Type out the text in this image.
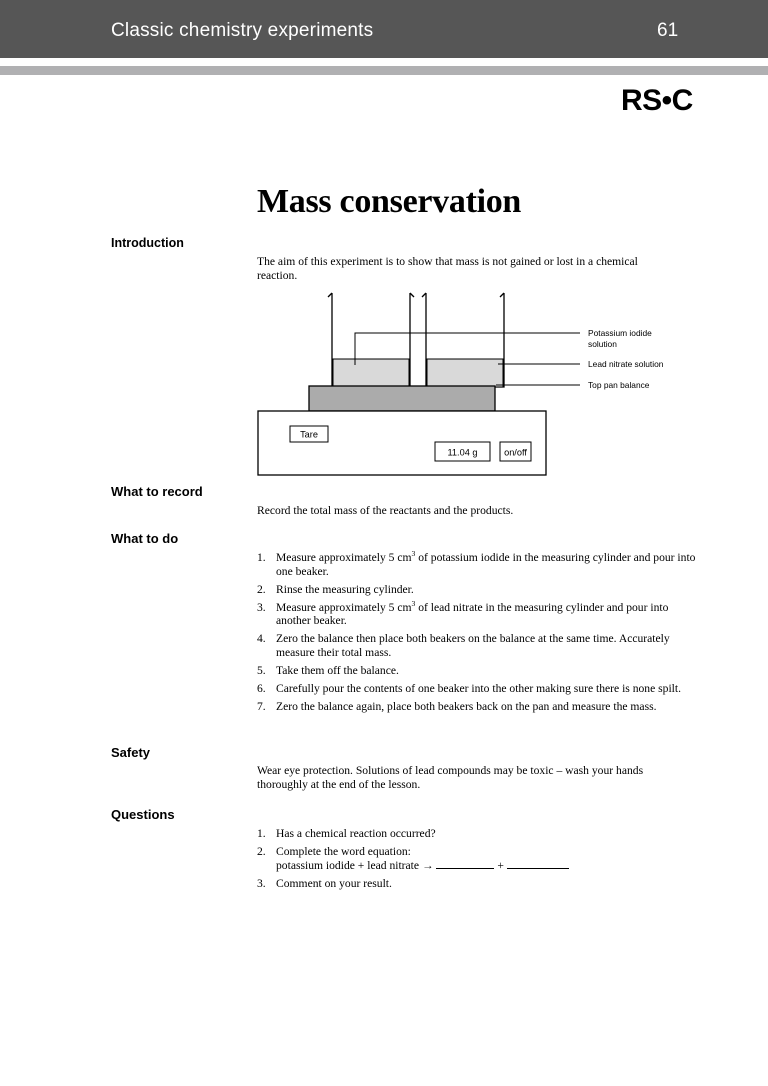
Classic chemistry experiments	61
RS•C
Mass conservation
Introduction
The aim of this experiment is to show that mass is not gained or lost in a chemical reaction.
Tare
11.04 g	on/off
Potassium iodide
solution
Lead nitrate solution
Top pan balance
What to record
Record the total mass of the reactants and the products.
What to do
1. Measure approximately 5 $cm^3$ of potassium iodide in the measuring cylinder and pour into one beaker.
2. Rinse the measuring cylinder.
3. Measure approximately 5 $cm^3$ of lead nitrate in the measuring cylinder and pour into another beaker.
4. Zero the balance then place both beakers on the balance at the same time. Accurately measure their total mass.
5. Take them off the balance.
6. Carefully pour the contents of one beaker into the other making sure there is none spilt.
7. Zero the balance again, place both beakers back on the pan and measure the mass.
Safety
Wear eye protection. Solutions of lead compounds may be toxic – wash your hands thoroughly at the end of the lesson.
Questions
1. Has a chemical reaction occurred?
2. Complete the word equation:
potassium iodide + lead nitrate →	+
3. Comment on your result.
